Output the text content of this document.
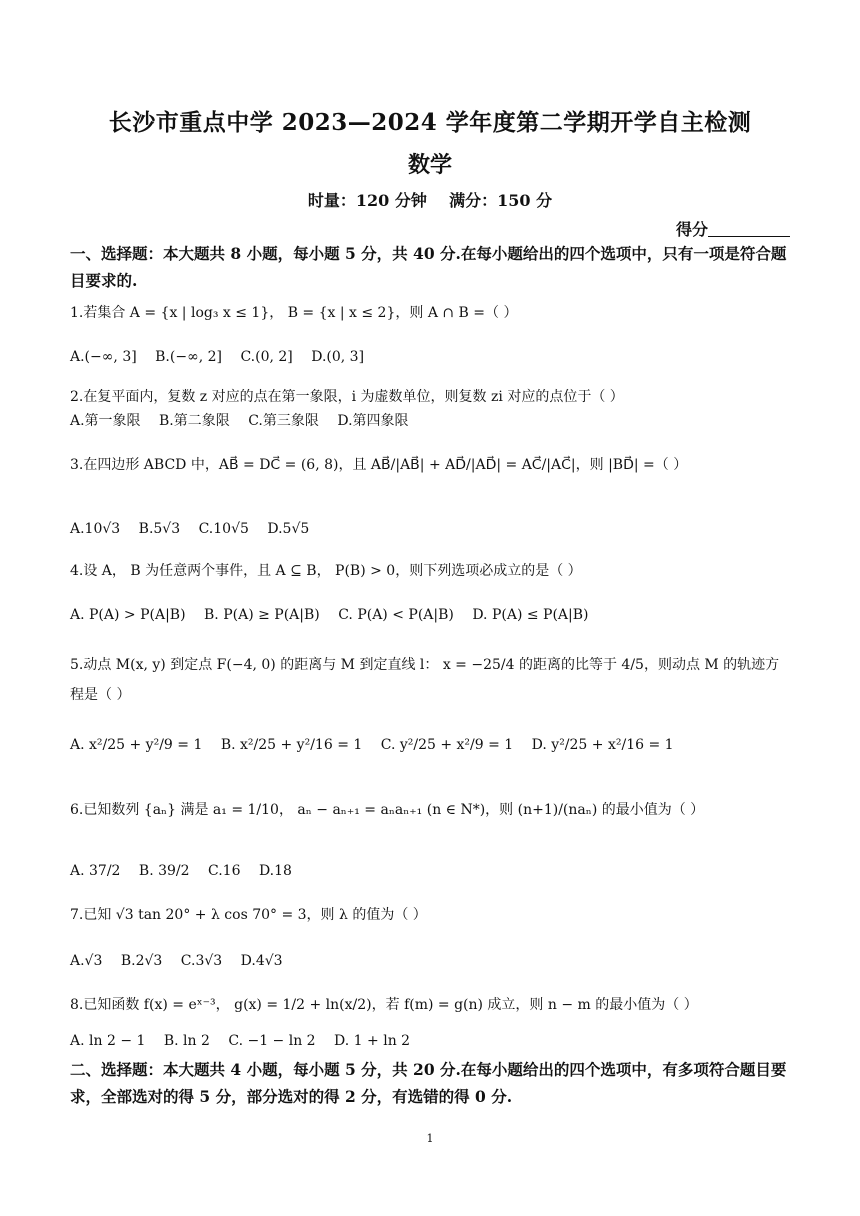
长沙市重点中学 2023—2024 学年度第二学期开学自主检测
数学
时量：120 分钟    满分：150 分
得分
一、选择题：本大题共 8 小题，每小题 5 分，共 40 分.在每小题给出的四个选项中，只有一项是符合题目要求的.
1.若集合 A = {x | log₃ x ≤ 1}， B = {x | x ≤ 2}，则 A ∩ B =（ ）
A.(−∞, 3] B.(−∞, 2] C.(0, 2] D.(0, 3]
2.在复平面内，复数 z 对应的点在第一象限，i 为虚数单位，则复数 zi 对应的点位于（ ）
A.第一象限 B.第二象限 C.第三象限 D.第四象限
3.在四边形 ABCD 中，AB⃗ = DC⃗ = (6, 8)，且 AB⃗/|AB⃗| + AD⃗/|AD⃗| = AC⃗/|AC⃗|，则 |BD⃗| =（ ）
A.10√3 B.5√3 C.10√5 D.5√5
4.设 A， B 为任意两个事件，且 A ⊆ B， P(B) > 0，则下列选项必成立的是（ ）
A. P(A) > P(A|B) B. P(A) ≥ P(A|B) C. P(A) < P(A|B) D. P(A) ≤ P(A|B)
5.动点 M(x, y) 到定点 F(−4, 0) 的距离与 M 到定直线 l： x = −25/4 的距离的比等于 4/5，则动点 M 的轨迹方程是（ ）
A. x²/25 + y²/9 = 1 B. x²/25 + y²/16 = 1 C. y²/25 + x²/9 = 1 D. y²/25 + x²/16 = 1
6.已知数列 {aₙ} 满是 a₁ = 1/10， aₙ − aₙ₊₁ = aₙaₙ₊₁ (n ∈ N*)，则 (n+1)/(naₙ) 的最小值为（ ）
A. 37/2 B. 39/2 C.16 D.18
7.已知 √3 tan 20° + λ cos 70° = 3，则 λ 的值为（ ）
A.√3 B.2√3 C.3√3 D.4√3
8.已知函数 f(x) = eˣ⁻³， g(x) = 1/2 + ln(x/2)，若 f(m) = g(n) 成立，则 n − m 的最小值为（ ）
A. ln 2 − 1 B. ln 2 C. −1 − ln 2 D. 1 + ln 2
二、选择题：本大题共 4 小题，每小题 5 分，共 20 分.在每小题给出的四个选项中，有多项符合题目要求，全部选对的得 5 分，部分选对的得 2 分，有选错的得 0 分.
1
